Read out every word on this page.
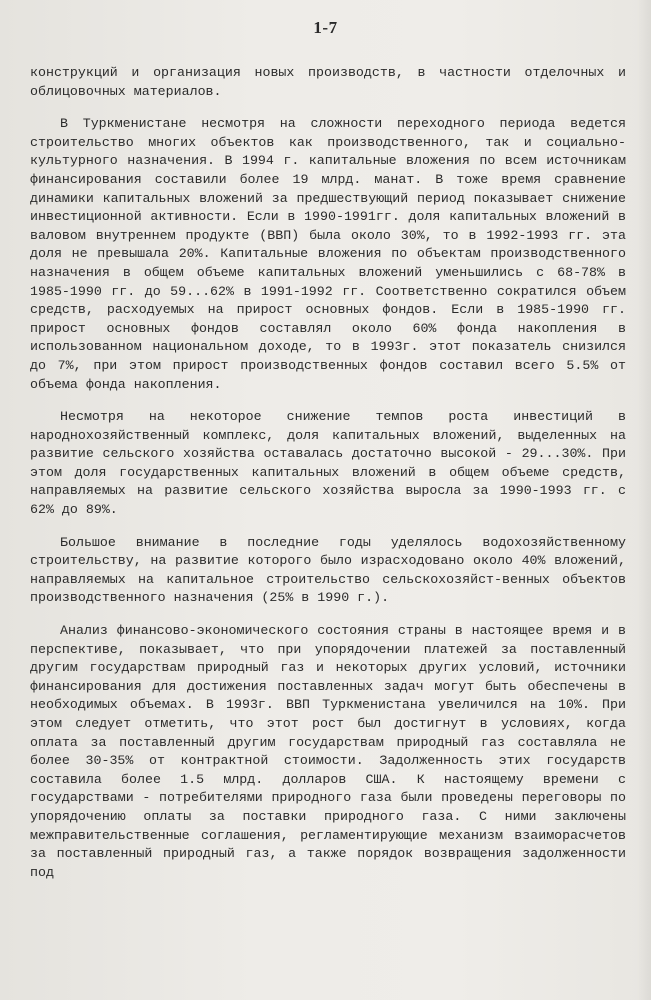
1-7

конструкций и организация новых производств, в частности отделочных и облицовочных материалов.

В Туркменистане несмотря на сложности переходного периода ведется строительство многих объектов как производственного, так и социально-культурного назначения. В 1994 г. капитальные вложения по всем источникам финансирования составили более 19 млрд. манат. В тоже время сравнение динамики капитальных вложений за предшествующий период показывает снижение инвестиционной активности. Если в 1990-1991гг. доля капитальных вложений в валовом внутреннем продукте (ВВП) была около 30%, то в 1992-1993 гг. эта доля не превышала 20%. Капитальные вложения по объектам производственного назначения в общем объеме капитальных вложений уменьшились с 68-78% в 1985-1990 гг. до 59...62% в 1991-1992 гг. Соответственно сократился объем средств, расходуемых на прирост основных фондов. Если в 1985-1990 гг. прирост основных фондов составлял около 60% фонда накопления в использованном национальном доходе, то в 1993г. этот показатель снизился до 7%, при этом прирост производственных фондов составил всего 5.5% от объема фонда накопления.

Несмотря на некоторое снижение темпов роста инвестиций в народнохозяйственный комплекс, доля капитальных вложений, выделенных на развитие сельского хозяйства оставалась достаточно высокой - 29...30%. При этом доля государственных капитальных вложений в общем объеме средств, направляемых на развитие сельского хозяйства выросла за 1990-1993 гг. с 62% до 89%.

Большое внимание в последние годы уделялось водохозяйственному строительству, на развитие которого было израсходовано около 40% вложений, направляемых на капитальное строительство сельскохозяйст-венных объектов производственного назначения (25% в 1990 г.).

Анализ финансово-экономического состояния страны в настоящее время и в перспективе, показывает, что при упорядочении платежей за поставленный другим государствам природный газ и некоторых других условий, источники финансирования для достижения поставленных задач могут быть обеспечены в необходимых объемах. В 1993г. ВВП Туркменистана увеличился на 10%. При этом следует отметить, что этот рост был достигнут в условиях, когда оплата за поставленный другим государствам природный газ составляла не более 30-35% от контрактной стоимости. Задолженность этих государств составила более 1.5 млрд. долларов США. К настоящему времени с государствами - потребителями природного газа были проведены переговоры по упорядочению оплаты за поставки природного газа. С ними заключены межправительственные соглашения, регламентирующие механизм взаиморасчетов за поставленный природный газ, а также порядок возвращения задолженности под
